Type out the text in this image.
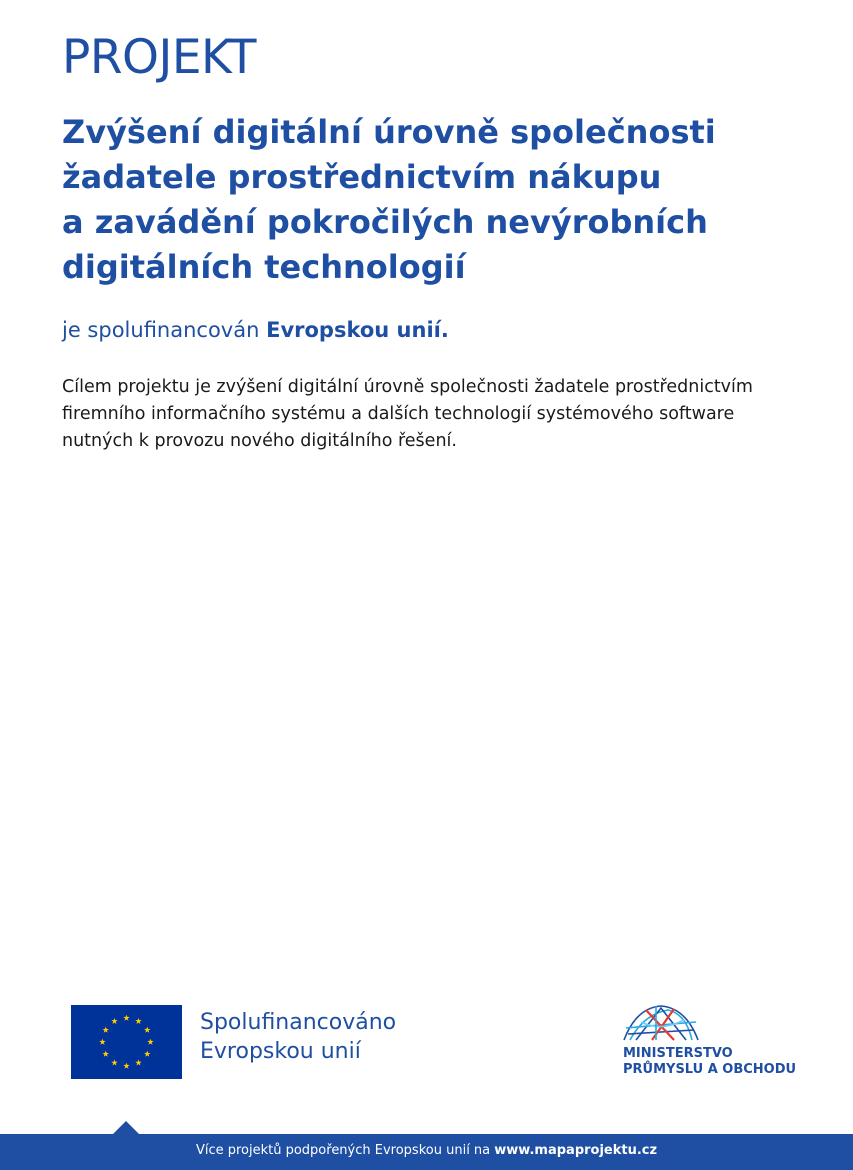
PROJEKT
Zvýšení digitální úrovně společnosti
žadatele prostřednictvím nákupu
a zavádění pokročilých nevýrobních
digitálních technologií
je spolufinancován Evropskou unií.
Cílem projektu je zvýšení digitální úrovně společnosti žadatele prostřednictvím
firemního informačního systému a dalších technologií systémového software
nutných k provozu nového digitálního řešení.
Spolufinancováno
Evropskou unií	MINISTERSTVO
PRŮMYSLU A OBCHODU
Více projektů podpořených Evropskou unií na www.mapaprojektu.cz
